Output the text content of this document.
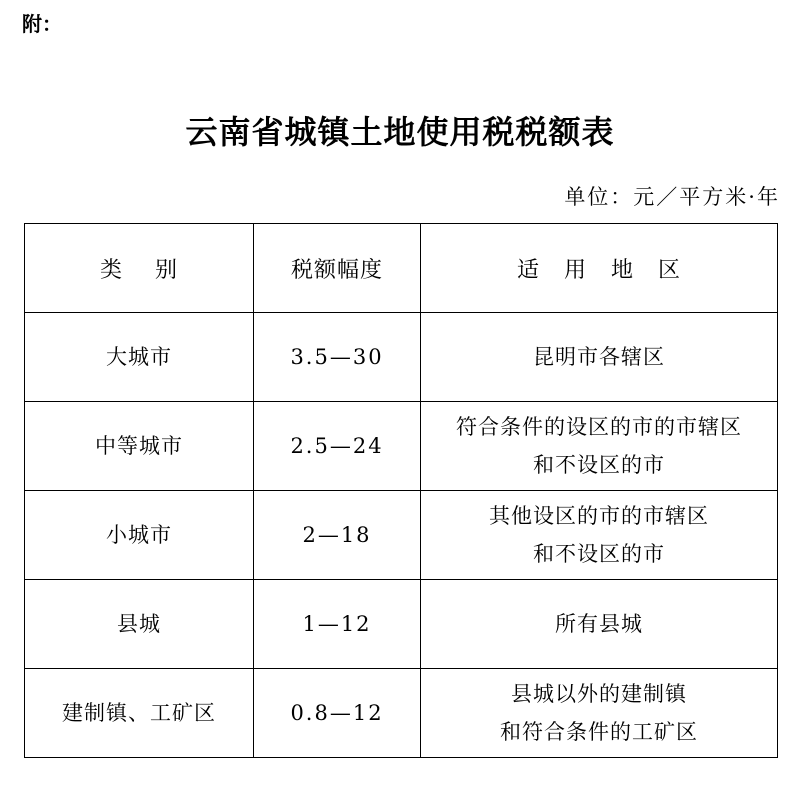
附：
云南省城镇土地使用税税额表
单位：元／平方米·年
类    别	税额幅度	适   用   地   区

大城市	3.5—30	昆明市各辖区

中等城市	2.5—24	符合条件的设区的市的市辖区
和不设区的市

小城市	2—18	其他设区的市的市辖区
和不设区的市

县城	1—12	所有县城

建制镇、工矿区	0.8—12	县城以外的建制镇
和符合条件的工矿区
